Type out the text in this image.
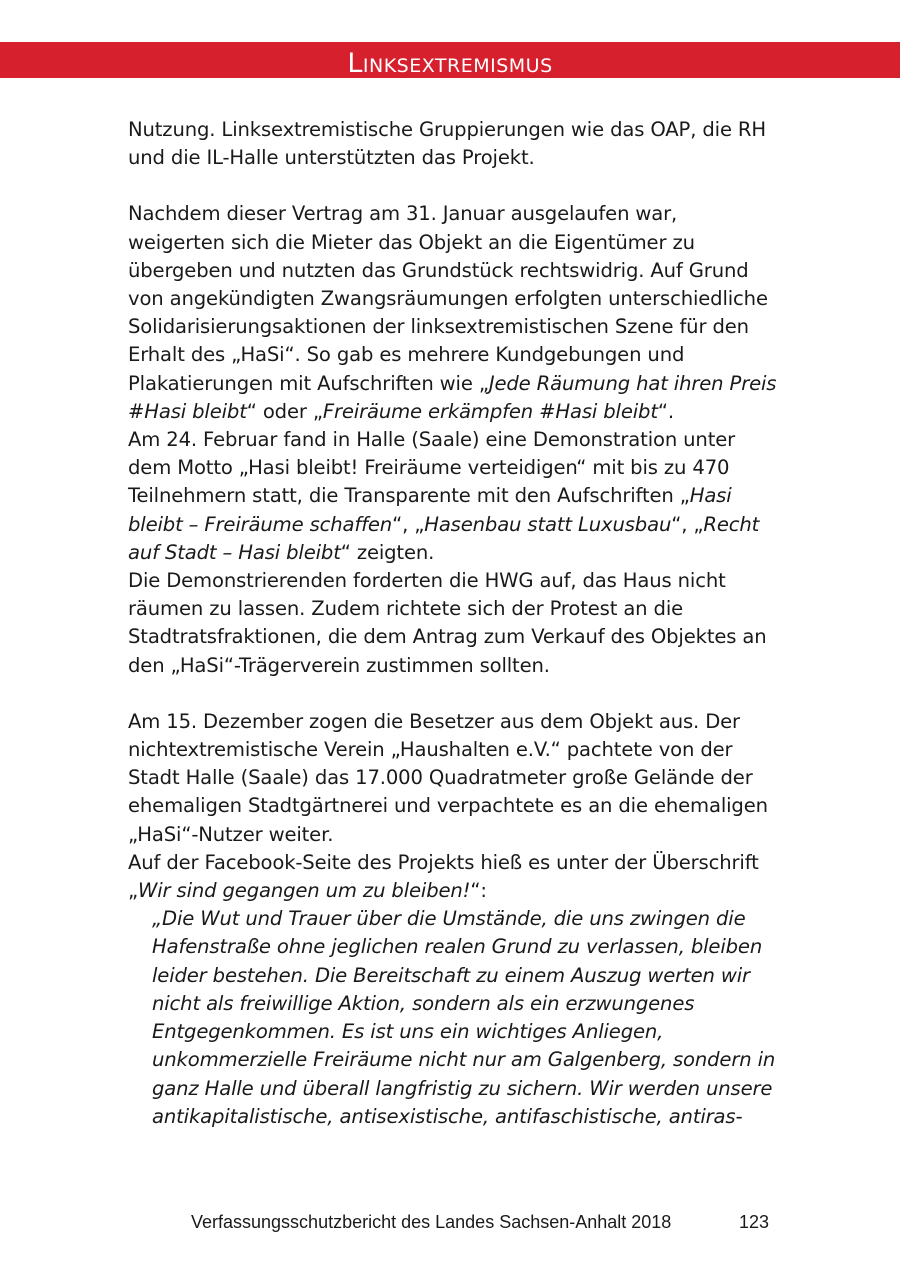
Linksextremismus

Nutzung. Linksextremistische Gruppierungen wie das OAP, die RH und die IL-Halle unterstützten das Projekt.

Nachdem dieser Vertrag am 31. Januar ausgelaufen war, weigerten sich die Mieter das Objekt an die Eigentümer zu übergeben und nutzten das Grundstück rechtswidrig. Auf Grund von angekündigten Zwangsräumungen erfolgten unterschiedliche Solidarisierungsaktionen der linksextremistischen Szene für den Erhalt des „HaSi“. So gab es mehrere Kundgebungen und Plakatierungen mit Aufschriften wie „Jede Räumung hat ihren Preis #Hasi bleibt“ oder „Freiräume erkämpfen #Hasi bleibt“.

Am 24. Februar fand in Halle (Saale) eine Demonstration unter dem Motto „Hasi bleibt! Freiräume verteidigen“ mit bis zu 470 Teilnehmern statt, die Transparente mit den Aufschriften „Hasi bleibt – Freiräume schaffen“, „Hasenbau statt Luxusbau“, „Recht auf Stadt – Hasi bleibt“ zeigten.

Die Demonstrierenden forderten die HWG auf, das Haus nicht räumen zu lassen. Zudem richtete sich der Protest an die Stadtratsfraktionen, die dem Antrag zum Verkauf des Objektes an den „HaSi“-Trägerverein zustimmen sollten.

Am 15. Dezember zogen die Besetzer aus dem Objekt aus. Der nichtextremistische Verein „Haushalten e.V.“ pachtete von der Stadt Halle (Saale) das 17.000 Quadratmeter große Gelände der ehemaligen Stadtgärtnerei und verpachtete es an die ehemaligen „HaSi“-Nutzer weiter.

Auf der Facebook-Seite des Projekts hieß es unter der Überschrift „Wir sind gegangen um zu bleiben!“:

„Die Wut und Trauer über die Umstände, die uns zwingen die Hafenstraße ohne jeglichen realen Grund zu verlassen, bleiben leider bestehen. Die Bereitschaft zu einem Auszug werten wir nicht als freiwillige Aktion, sondern als ein erzwungenes Entgegenkommen. Es ist uns ein wichtiges Anliegen, unkommerzielle Freiräume nicht nur am Galgenberg, sondern in ganz Halle und überall langfristig zu sichern. Wir werden unsere antikapitalistische, antisexistische, antifaschistische, antiras-

Verfassungsschutzbericht des Landes Sachsen-Anhalt 2018	123
